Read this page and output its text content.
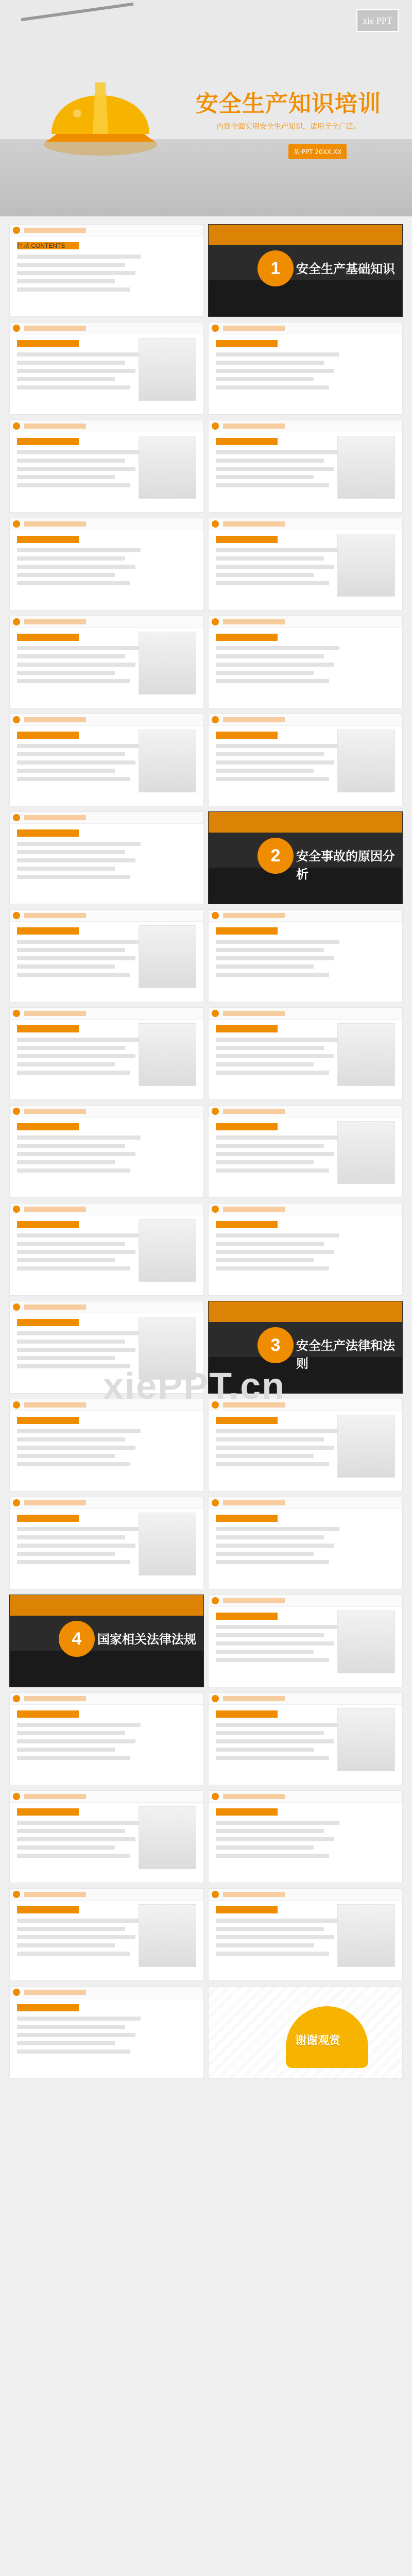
xie PPT
安全生产知识培训
内容全面实用安全生产知识，适用于全广泛。
某·PPT 20XX.XX
目录 CONTENTS
1	安全生产基础知识
2	安全事故的原因分析
3	安全生产法律和法则
4	国家相关法律法规
谢谢观赏
xiePPT.cn
